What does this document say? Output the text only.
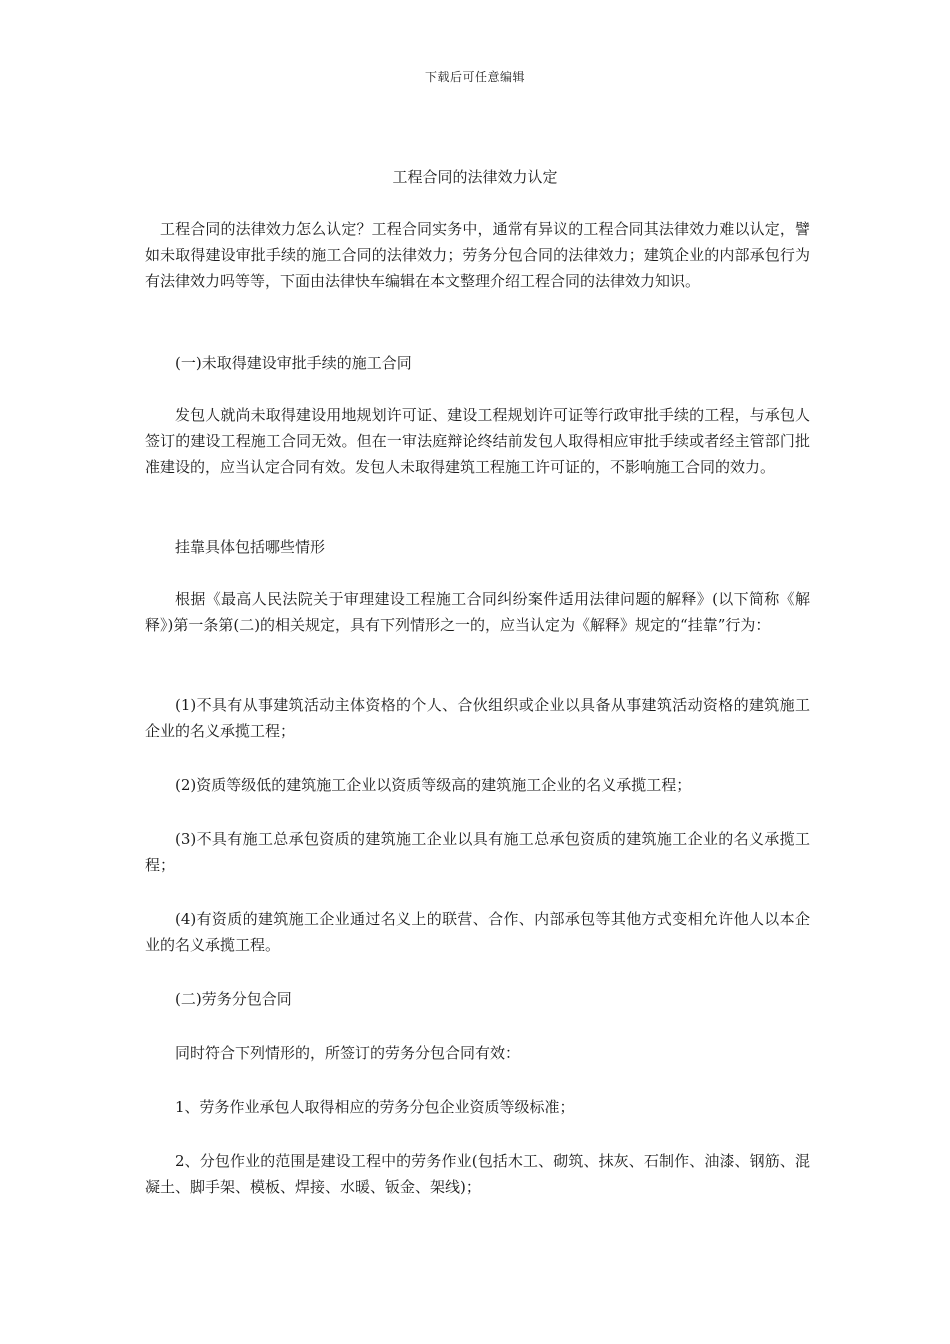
下载后可任意编辑
工程合同的法律效力认定

工程合同的法律效力怎么认定？工程合同实务中，通常有异议的工程合同其法律效力难以认定，譬如未取得建设审批手续的施工合同的法律效力；劳务分包合同的法律效力；建筑企业的内部承包行为有法律效力吗等等，下面由法律快车编辑在本文整理介绍工程合同的法律效力知识。

(一)未取得建设审批手续的施工合同

发包人就尚未取得建设用地规划许可证、建设工程规划许可证等行政审批手续的工程，与承包人签订的建设工程施工合同无效。但在一审法庭辩论终结前发包人取得相应审批手续或者经主管部门批准建设的，应当认定合同有效。发包人未取得建筑工程施工许可证的，不影响施工合同的效力。

挂靠具体包括哪些情形

根据《最高人民法院关于审理建设工程施工合同纠纷案件适用法律问题的解释》(以下简称《解释》)第一条第(二)的相关规定，具有下列情形之一的，应当认定为《解释》规定的“挂靠”行为：

(1)不具有从事建筑活动主体资格的个人、合伙组织或企业以具备从事建筑活动资格的建筑施工企业的名义承揽工程；

(2)资质等级低的建筑施工企业以资质等级高的建筑施工企业的名义承揽工程；

(3)不具有施工总承包资质的建筑施工企业以具有施工总承包资质的建筑施工企业的名义承揽工程；

(4)有资质的建筑施工企业通过名义上的联营、合作、内部承包等其他方式变相允许他人以本企业的名义承揽工程。

(二)劳务分包合同

同时符合下列情形的，所签订的劳务分包合同有效：

1、劳务作业承包人取得相应的劳务分包企业资质等级标准；

2、分包作业的范围是建设工程中的劳务作业(包括木工、砌筑、抹灰、石制作、油漆、钢筋、混凝土、脚手架、模板、焊接、水暖、钣金、架线)；
